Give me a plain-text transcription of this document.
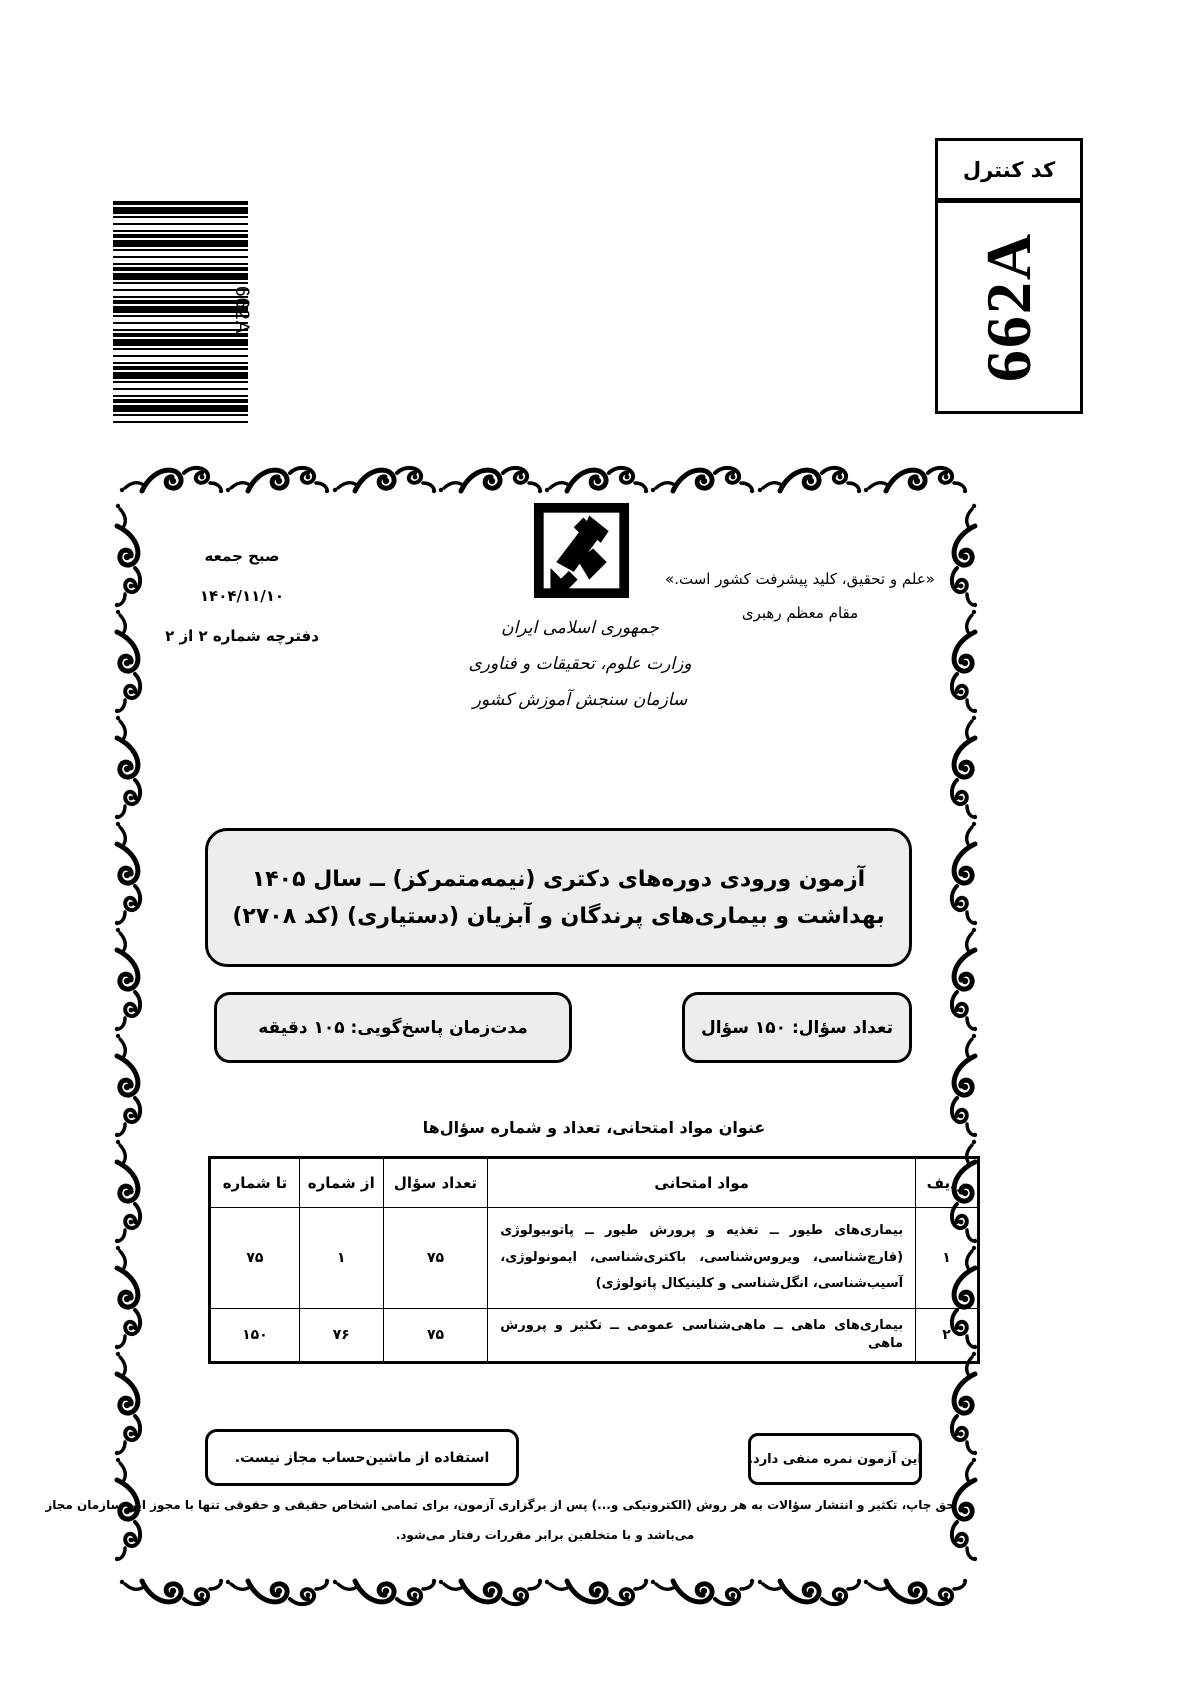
662A
کد کنترل
662A
صبح جمعه
۱۴۰۴/۱۱/۱۰
دفترچه شماره ۲ از ۲	جمهوری اسلامی ایران
وزارت علوم، تحقیقات و فناوری
سازمان سنجش آموزش کشور
«علم و تحقیق، کلید پیشرفت کشور است.»
مقام معظم رهبری
آزمون ورودی دوره‌های دکتری (نیمه‌متمرکز) ــ سال ۱۴۰۵
بهداشت و بیماری‌های پرندگان و آبزیان (دستیاری) (کد ۲۷۰۸)
تعداد سؤال: ۱۵۰ سؤال
مدت‌زمان پاسخ‌گویی: ۱۰۵ دقیقه
عنوان مواد امتحانی، تعداد و شماره سؤال‌ها
ردیف	مواد امتحانی	تعداد سؤال	از شماره	تا شماره
۱	بیماری‌های طیور ــ تغذیه و پرورش طیور ــ پاتوبیولوژی (قارچ‌شناسی، ویروس‌شناسی، باکتری‌شناسی، ایمونولوژی، آسیب‌شناسی، انگل‌شناسی و کلینیکال پاتولوژی)	۷۵	۱	۷۵
۲	بیماری‌های ماهی ــ ماهی‌شناسی عمومی ــ تکثیر و پرورش ماهی	۷۵	۷۶	۱۵۰
این آزمون نمره منفی دارد.
استفاده از ماشین‌حساب مجاز نیست.
حق چاپ، تکثیر و انتشار سؤالات به هر روش (الکترونیکی و...) پس از برگزاری آزمون، برای تمامی اشخاص حقیقی و حقوقی تنها با مجوز این سازمان مجاز
می‌باشد و با متخلفین برابر مقررات رفتار می‌شود.
